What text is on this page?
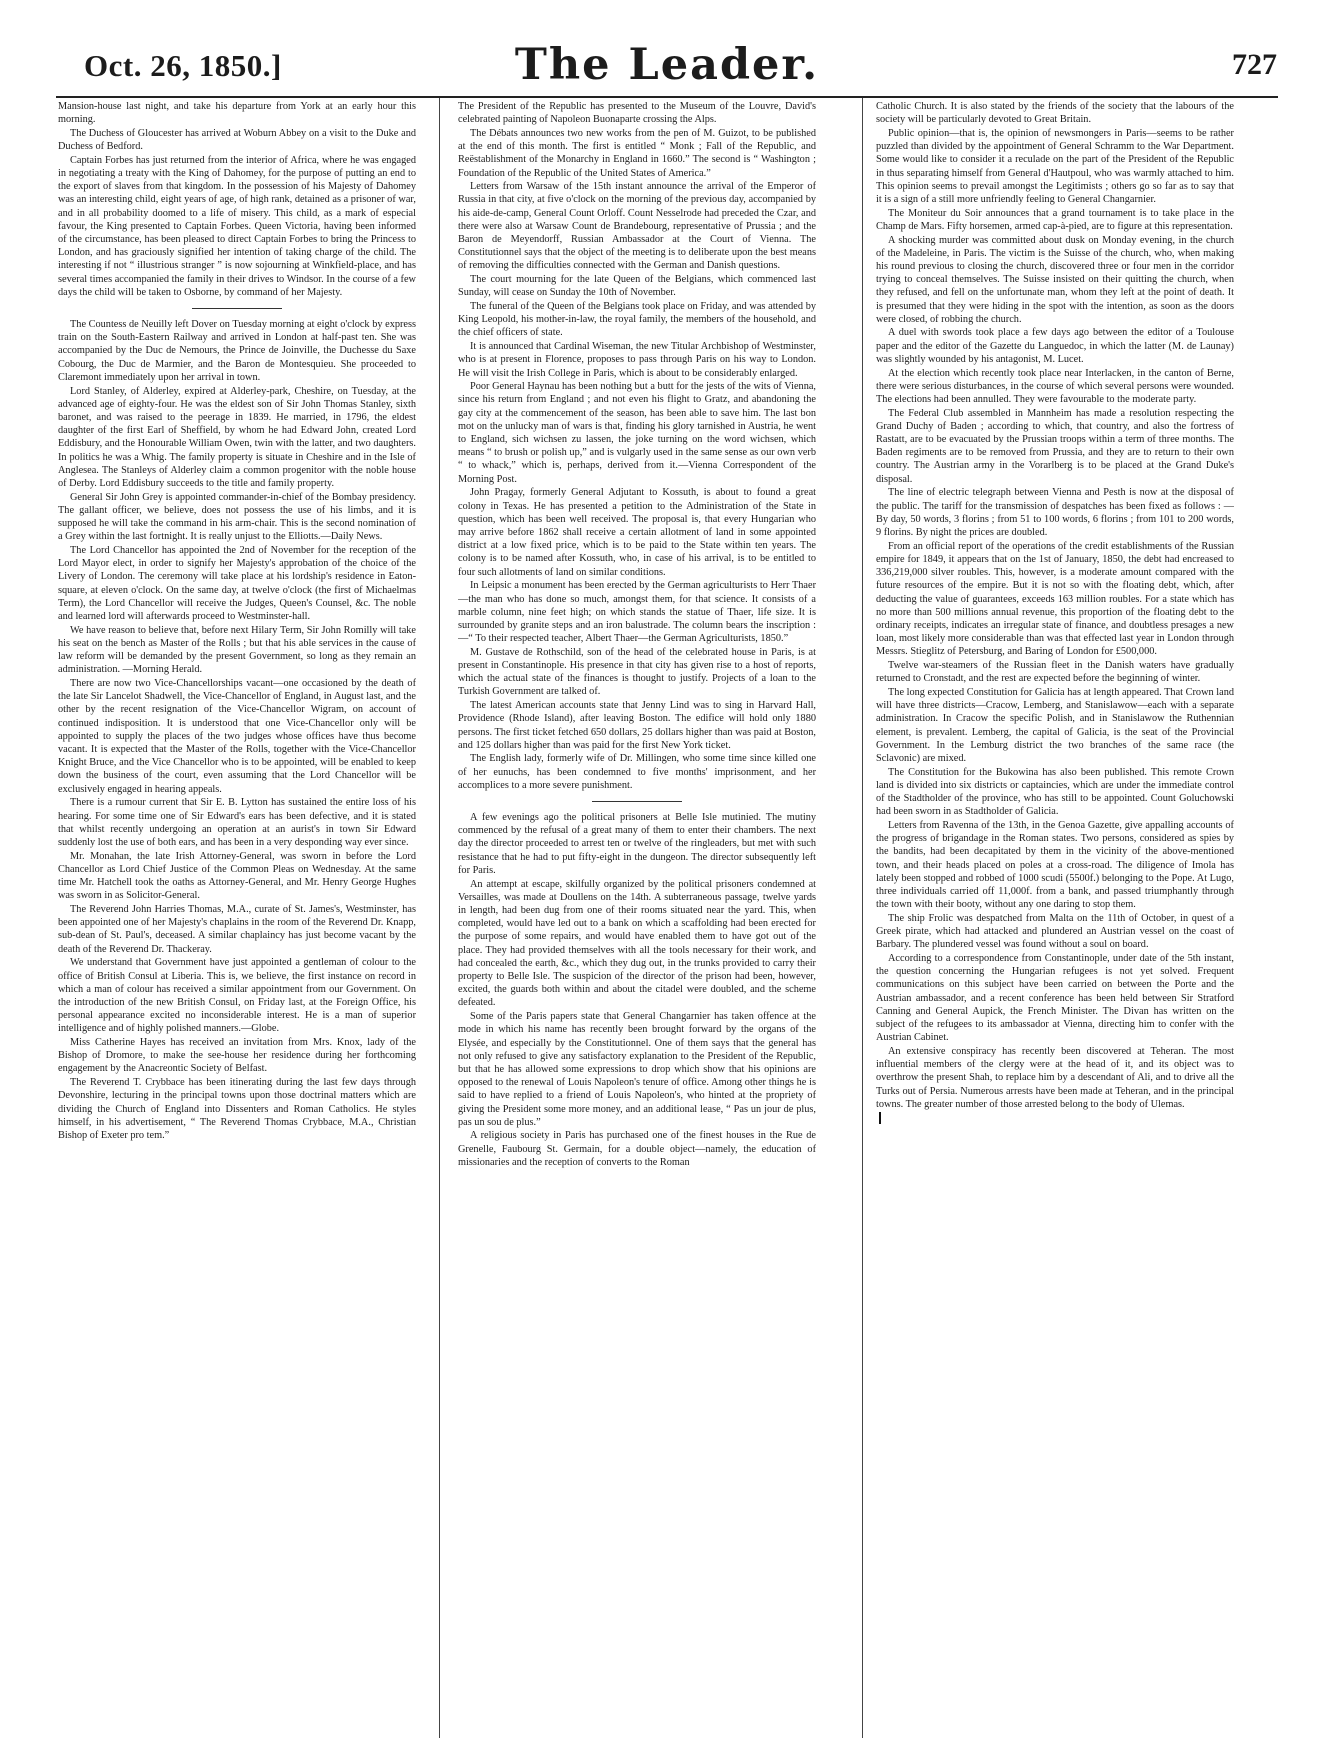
Oct. 26, 1850.]	The Leader.	727

Mansion-house last night, and take his departure from York at an early hour this morning.

The Duchess of Gloucester has arrived at Woburn Abbey on a visit to the Duke and Duchess of Bedford.

Captain Forbes has just returned from the interior of Africa, where he was engaged in negotiating a treaty with the King of Dahomey, for the purpose of putting an end to the export of slaves from that kingdom. In the possession of his Majesty of Dahomey was an interesting child, eight years of age, of high rank, detained as a prisoner of war, and in all probability doomed to a life of misery. This child, as a mark of especial favour, the King presented to Captain Forbes. Queen Victoria, having been informed of the circumstance, has been pleased to direct Captain Forbes to bring the Princess to London, and has graciously signified her intention of taking charge of the child. The interesting if not “ illustrious stranger ” is now sojourning at Winkfield-place, and has several times accompanied the family in their drives to Windsor. In the course of a few days the child will be taken to Osborne, by command of her Majesty.

The Countess de Neuilly left Dover on Tuesday morning at eight o'clock by express train on the South-Eastern Railway and arrived in London at half-past ten. She was accompanied by the Duc de Nemours, the Prince de Joinville, the Duchesse du Saxe Cobourg, the Duc de Marmier, and the Baron de Montesquieu. She proceeded to Claremont immediately upon her arrival in town.

Lord Stanley, of Alderley, expired at Alderley-park, Cheshire, on Tuesday, at the advanced age of eighty-four. He was the eldest son of Sir John Thomas Stanley, sixth baronet, and was raised to the peerage in 1839. He married, in 1796, the eldest daughter of the first Earl of Sheffield, by whom he had Edward John, created Lord Eddisbury, and the Honourable William Owen, twin with the latter, and two daughters. In politics he was a Whig. The family property is situate in Cheshire and in the Isle of Anglesea. The Stanleys of Alderley claim a common progenitor with the noble house of Derby. Lord Eddisbury succeeds to the title and family property.

General Sir John Grey is appointed commander-in-chief of the Bombay presidency. The gallant officer, we believe, does not possess the use of his limbs, and it is supposed he will take the command in his arm-chair. This is the second nomination of a Grey within the last fortnight. It is really unjust to the Elliotts.—Daily News.

The Lord Chancellor has appointed the 2nd of November for the reception of the Lord Mayor elect, in order to signify her Majesty's approbation of the choice of the Livery of London. The ceremony will take place at his lordship's residence in Eaton-square, at eleven o'clock. On the same day, at twelve o'clock (the first of Michaelmas Term), the Lord Chancellor will receive the Judges, Queen's Counsel, &c. The noble and learned lord will afterwards proceed to Westminster-hall.

We have reason to believe that, before next Hilary Term, Sir John Romilly will take his seat on the bench as Master of the Rolls ; but that his able services in the cause of law reform will be demanded by the present Government, so long as they remain an administration. —Morning Herald.

There are now two Vice-Chancellorships vacant—one occasioned by the death of the late Sir Lancelot Shadwell, the Vice-Chancellor of England, in August last, and the other by the recent resignation of the Vice-Chancellor Wigram, on account of continued indisposition. It is understood that one Vice-Chancellor only will be appointed to supply the places of the two judges whose offices have thus become vacant. It is expected that the Master of the Rolls, together with the Vice-Chancellor Knight Bruce, and the Vice Chancellor who is to be appointed, will be enabled to keep down the business of the court, even assuming that the Lord Chancellor will be exclusively engaged in hearing appeals.

There is a rumour current that Sir E. B. Lytton has sustained the entire loss of his hearing. For some time one of Sir Edward's ears has been defective, and it is stated that whilst recently undergoing an operation at an aurist's in town Sir Edward suddenly lost the use of both ears, and has been in a very desponding way ever since.

Mr. Monahan, the late Irish Attorney-General, was sworn in before the Lord Chancellor as Lord Chief Justice of the Common Pleas on Wednesday. At the same time Mr. Hatchell took the oaths as Attorney-General, and Mr. Henry George Hughes was sworn in as Solicitor-General.

The Reverend John Harries Thomas, M.A., curate of St. James's, Westminster, has been appointed one of her Majesty's chaplains in the room of the Reverend Dr. Knapp, sub-dean of St. Paul's, deceased. A similar chaplaincy has just become vacant by the death of the Reverend Dr. Thackeray.

We understand that Government have just appointed a gentleman of colour to the office of British Consul at Liberia. This is, we believe, the first instance on record in which a man of colour has received a similar appointment from our Government. On the introduction of the new British Consul, on Friday last, at the Foreign Office, his personal appearance excited no inconsiderable interest. He is a man of superior intelligence and of highly polished manners.—Globe.

Miss Catherine Hayes has received an invitation from Mrs. Knox, lady of the Bishop of Dromore, to make the see-house her residence during her forthcoming engagement by the Anacreontic Society of Belfast.

The Reverend T. Crybbace has been itinerating during the last few days through Devonshire, lecturing in the principal towns upon those doctrinal matters which are dividing the Church of England into Dissenters and Roman Catholics. He styles himself, in his advertisement, “ The Reverend Thomas Crybbace, M.A., Christian Bishop of Exeter pro tem.”

The President of the Republic has presented to the Museum of the Louvre, David's celebrated painting of Napoleon Buonaparte crossing the Alps.

The Débats announces two new works from the pen of M. Guizot, to be published at the end of this month. The first is entitled “ Monk ; Fall of the Republic, and Reëstablishment of the Monarchy in England in 1660.” The second is “ Washington ; Foundation of the Republic of the United States of America.”

Letters from Warsaw of the 15th instant announce the arrival of the Emperor of Russia in that city, at five o'clock on the morning of the previous day, accompanied by his aide-de-camp, General Count Orloff. Count Nesselrode had preceded the Czar, and there were also at Warsaw Count de Brandebourg, representative of Prussia ; and the Baron de Meyendorff, Russian Ambassador at the Court of Vienna. The Constitutionnel says that the object of the meeting is to deliberate upon the best means of removing the difficulties connected with the German and Danish questions.

The court mourning for the late Queen of the Belgians, which commenced last Sunday, will cease on Sunday the 10th of November.

The funeral of the Queen of the Belgians took place on Friday, and was attended by King Leopold, his mother-in-law, the royal family, the members of the household, and the chief officers of state.

It is announced that Cardinal Wiseman, the new Titular Archbishop of Westminster, who is at present in Florence, proposes to pass through Paris on his way to London. He will visit the Irish College in Paris, which is about to be considerably enlarged.

Poor General Haynau has been nothing but a butt for the jests of the wits of Vienna, since his return from England ; and not even his flight to Gratz, and abandoning the gay city at the commencement of the season, has been able to save him. The last bon mot on the unlucky man of wars is that, finding his glory tarnished in Austria, he went to England, sich wichsen zu lassen, the joke turning on the word wichsen, which means “ to brush or polish up,” and is vulgarly used in the same sense as our own verb “ to whack,” which is, perhaps, derived from it.—Vienna Correspondent of the Morning Post.

John Pragay, formerly General Adjutant to Kossuth, is about to found a great colony in Texas. He has presented a petition to the Administration of the State in question, which has been well received. The proposal is, that every Hungarian who may arrive before 1862 shall receive a certain allotment of land in some appointed district at a low fixed price, which is to be paid to the State within ten years. The colony is to be named after Kossuth, who, in case of his arrival, is to be entitled to four such allotments of land on similar conditions.

In Leipsic a monument has been erected by the German agriculturists to Herr Thaer—the man who has done so much, amongst them, for that science. It consists of a marble column, nine feet high; on which stands the statue of Thaer, life size. It is surrounded by granite steps and an iron balustrade. The column bears the inscription :—“ To their respected teacher, Albert Thaer—the German Agriculturists, 1850.”

M. Gustave de Rothschild, son of the head of the celebrated house in Paris, is at present in Constantinople. His presence in that city has given rise to a host of reports, which the actual state of the finances is thought to justify. Projects of a loan to the Turkish Government are talked of.

The latest American accounts state that Jenny Lind was to sing in Harvard Hall, Providence (Rhode Island), after leaving Boston. The edifice will hold only 1880 persons. The first ticket fetched 650 dollars, 25 dollars higher than was paid at Boston, and 125 dollars higher than was paid for the first New York ticket.

The English lady, formerly wife of Dr. Millingen, who some time since killed one of her eunuchs, has been condemned to five months' imprisonment, and her accomplices to a more severe punishment.

A few evenings ago the political prisoners at Belle Isle mutinied. The mutiny commenced by the refusal of a great many of them to enter their chambers. The next day the director proceeded to arrest ten or twelve of the ringleaders, but met with such resistance that he had to put fifty-eight in the dungeon. The director subsequently left for Paris.

An attempt at escape, skilfully organized by the political prisoners condemned at Versailles, was made at Doullens on the 14th. A subterraneous passage, twelve yards in length, had been dug from one of their rooms situated near the yard. This, when completed, would have led out to a bank on which a scaffolding had been erected for the purpose of some repairs, and would have enabled them to have got out of the place. They had provided themselves with all the tools necessary for their work, and had concealed the earth, &c., which they dug out, in the trunks provided to carry their property to Belle Isle. The suspicion of the director of the prison had been, however, excited, the guards both within and about the citadel were doubled, and the scheme defeated.

Some of the Paris papers state that General Changarnier has taken offence at the mode in which his name has recently been brought forward by the organs of the Elysée, and especially by the Constitutionnel. One of them says that the general has not only refused to give any satisfactory explanation to the President of the Republic, but that he has allowed some expressions to drop which show that his opinions are opposed to the renewal of Louis Napoleon's tenure of office. Among other things he is said to have replied to a friend of Louis Napoleon's, who hinted at the propriety of giving the President some more money, and an additional lease, “ Pas un jour de plus, pas un sou de plus.”

A religious society in Paris has purchased one of the finest houses in the Rue de Grenelle, Faubourg St. Germain, for a double object—namely, the education of missionaries and the reception of converts to the Roman

Catholic Church. It is also stated by the friends of the society that the labours of the society will be particularly devoted to Great Britain.

Public opinion—that is, the opinion of newsmongers in Paris—seems to be rather puzzled than divided by the appointment of General Schramm to the War Department. Some would like to consider it a reculade on the part of the President of the Republic in thus separating himself from General d'Hautpoul, who was warmly attached to him. This opinion seems to prevail amongst the Legitimists ; others go so far as to say that it is a sign of a still more unfriendly feeling to General Changarnier.

The Moniteur du Soir announces that a grand tournament is to take place in the Champ de Mars. Fifty horsemen, armed cap-à-pied, are to figure at this representation.

A shocking murder was committed about dusk on Monday evening, in the church of the Madeleine, in Paris. The victim is the Suisse of the church, who, when making his round previous to closing the church, discovered three or four men in the corridor trying to conceal themselves. The Suisse insisted on their quitting the church, when they refused, and fell on the unfortunate man, whom they left at the point of death. It is presumed that they were hiding in the spot with the intention, as soon as the doors were closed, of robbing the church.

A duel with swords took place a few days ago between the editor of a Toulouse paper and the editor of the Gazette du Languedoc, in which the latter (M. de Launay) was slightly wounded by his antagonist, M. Lucet.

At the election which recently took place near Interlacken, in the canton of Berne, there were serious disturbances, in the course of which several persons were wounded. The elections had been annulled. They were favourable to the moderate party.

The Federal Club assembled in Mannheim has made a resolution respecting the Grand Duchy of Baden ; according to which, that country, and also the fortress of Rastatt, are to be evacuated by the Prussian troops within a term of three months. The Baden regiments are to be removed from Prussia, and they are to return to their own country. The Austrian army in the Vorarlberg is to be placed at the Grand Duke's disposal.

The line of electric telegraph between Vienna and Pesth is now at the disposal of the public. The tariff for the transmission of despatches has been fixed as follows : —By day, 50 words, 3 florins ; from 51 to 100 words, 6 florins ; from 101 to 200 words, 9 florins. By night the prices are doubled.

From an official report of the operations of the credit establishments of the Russian empire for 1849, it appears that on the 1st of January, 1850, the debt had encreased to 336,219,000 silver roubles. This, however, is a moderate amount compared with the future resources of the empire. But it is not so with the floating debt, which, after deducting the value of guarantees, exceeds 163 million roubles. For a state which has no more than 500 millions annual revenue, this proportion of the floating debt to the ordinary receipts, indicates an irregular state of finance, and doubtless presages a new loan, most likely more considerable than was that effected last year in London through Messrs. Stieglitz of Petersburg, and Baring of London for £500,000.

Twelve war-steamers of the Russian fleet in the Danish waters have gradually returned to Cronstadt, and the rest are expected before the beginning of winter.

The long expected Constitution for Galicia has at length appeared. That Crown land will have three districts—Cracow, Lemberg, and Stanislawow—each with a separate administration. In Cracow the specific Polish, and in Stanislawow the Ruthennian element, is prevalent. Lemberg, the capital of Galicia, is the seat of the Provincial Government. In the Lemburg district the two branches of the same race (the Sclavonic) are mixed.

The Constitution for the Bukowina has also been published. This remote Crown land is divided into six districts or captaincies, which are under the immediate control of the Stadtholder of the province, who has still to be appointed. Count Goluchowski had been sworn in as Stadtholder of Galicia.

Letters from Ravenna of the 13th, in the Genoa Gazette, give appalling accounts of the progress of brigandage in the Roman states. Two persons, considered as spies by the bandits, had been decapitated by them in the vicinity of the above-mentioned town, and their heads placed on poles at a cross-road. The diligence of Imola has lately been stopped and robbed of 1000 scudi (5500f.) belonging to the Pope. At Lugo, three individuals carried off 11,000f. from a bank, and passed triumphantly through the town with their booty, without any one daring to stop them.

The ship Frolic was despatched from Malta on the 11th of October, in quest of a Greek pirate, which had attacked and plundered an Austrian vessel on the coast of Barbary. The plundered vessel was found without a soul on board.

According to a correspondence from Constantinople, under date of the 5th instant, the question concerning the Hungarian refugees is not yet solved. Frequent communications on this subject have been carried on between the Porte and the Austrian ambassador, and a recent conference has been held between Sir Stratford Canning and General Aupick, the French Minister. The Divan has written on the subject of the refugees to its ambassador at Vienna, directing him to confer with the Austrian Cabinet.

An extensive conspiracy has recently been discovered at Teheran. The most influential members of the clergy were at the head of it, and its object was to overthrow the present Shah, to replace him by a descendant of Ali, and to drive all the Turks out of Persia. Numerous arrests have been made at Teheran, and in the principal towns. The greater number of those arrested belong to the body of Ulemas.
